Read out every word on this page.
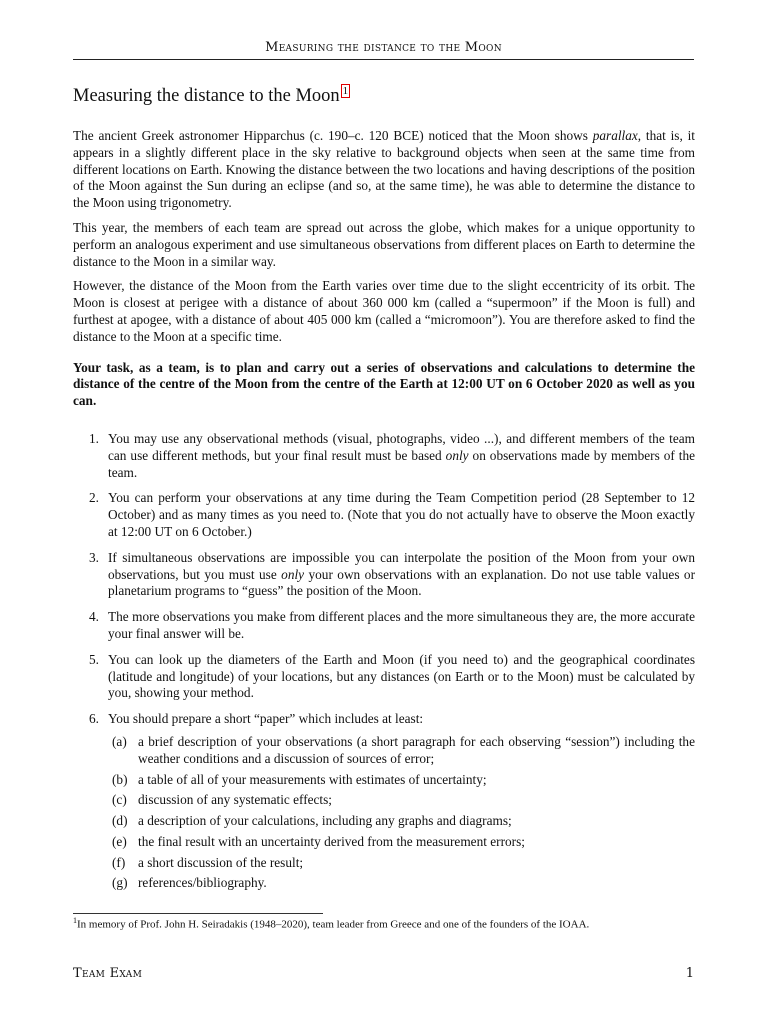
Measuring the distance to the Moon
Measuring the distance to the Moon $^1$

The ancient Greek astronomer Hipparchus (c. 190–c. 120 BCE) noticed that the Moon shows parallax, that is, it appears in a slightly different place in the sky relative to background objects when seen at the same time from different locations on Earth. Knowing the distance between the two locations and having descriptions of the position of the Moon against the Sun during an eclipse (and so, at the same time), he was able to determine the distance to the Moon using trigonometry.

This year, the members of each team are spread out across the globe, which makes for a unique opportunity to perform an analogous experiment and use simultaneous observations from different places on Earth to determine the distance to the Moon in a similar way.

However, the distance of the Moon from the Earth varies over time due to the slight eccentricity of its orbit. The Moon is closest at perigee with a distance of about 360 000 km (called a “supermoon” if the Moon is full) and furthest at apogee, with a distance of about 405 000 km (called a “micromoon”). You are therefore asked to find the distance to the Moon at a specific time.

Your task, as a team, is to plan and carry out a series of observations and calculations to determine the distance of the centre of the Moon from the centre of the Earth at 12:00 UT on 6 October 2020 as well as you can.

1. You may use any observational methods (visual, photographs, video ...), and different members of the team can use different methods, but your final result must be based only on observations made by members of the team.
2. You can perform your observations at any time during the Team Competition period (28 September to 12 October) and as many times as you need to. (Note that you do not actually have to observe the Moon exactly at 12:00 UT on 6 October.)
3. If simultaneous observations are impossible you can interpolate the position of the Moon from your own observations, but you must use only your own observations with an explanation. Do not use table values or planetarium programs to “guess” the position of the Moon.
4. The more observations you make from different places and the more simultaneous they are, the more accurate your final answer will be.
5. You can look up the diameters of the Earth and Moon (if you need to) and the geographical coordinates (latitude and longitude) of your locations, but any distances (on Earth or to the Moon) must be calculated by you, showing your method.
6. You should prepare a short “paper” which includes at least:
(a) a brief description of your observations (a short paragraph for each observing “session”) including the weather conditions and a discussion of sources of error;
(b) a table of all of your measurements with estimates of uncertainty;
(c) discussion of any systematic effects;
(d) a description of your calculations, including any graphs and diagrams;
(e) the final result with an uncertainty derived from the measurement errors;
(f) a short discussion of the result;
(g) references/bibliography.
$^1$In memory of Prof. John H. Seiradakis (1948–2020), team leader from Greece and one of the founders of the IOAA.
Team Exam	1
